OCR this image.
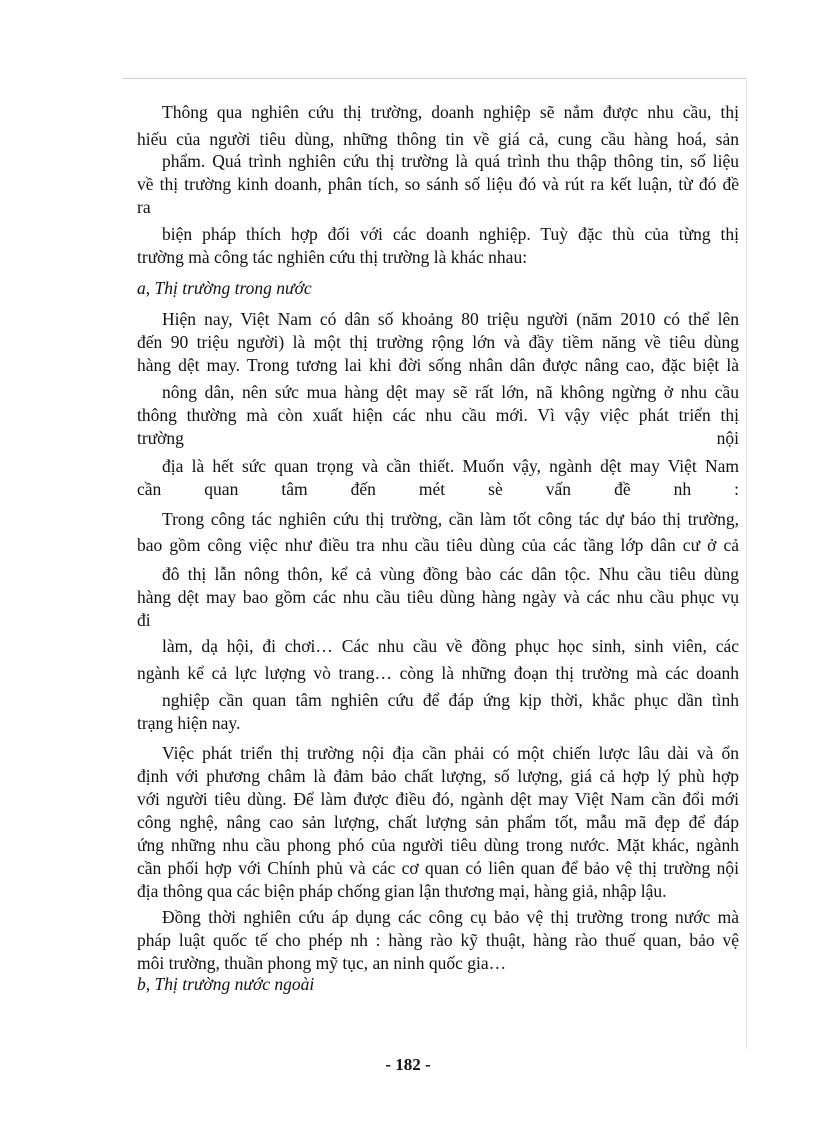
Thông qua nghiên cứu thị trường, doanh nghiệp sẽ nắm được nhu cầu, thị
hiếu của người tiêu dùng, những thông tin về giá cả, cung cầu hàng hoá, sản
phẩm. Quá trình nghiên cứu thị trường là quá trình thu thập thông tin, số liệu
về thị trường kinh doanh, phân tích, so sánh số liệu đó và rút ra kết luận, từ đó đề
ra
biện pháp thích hợp đối với các doanh nghiệp. Tuỳ đặc thù của từng thị
trường mà công tác nghiên cứu thị trường là khác nhau:
a, Thị trường trong nước
Hiện nay, Việt Nam có dân số khoảng 80 triệu người (năm 2010 có thể lên
đến 90 triệu người) là một thị trường rộng lớn và đầy tiềm năng về tiêu dùng
hàng dệt may. Trong tương lai khi đời sống nhân dân được nâng cao, đặc biệt là
nông dân, nên sức mua hàng dệt may sẽ rất lớn, nã không ngừng ở nhu cầu
thông thường mà còn xuất hiện các nhu cầu mới. Vì vậy việc phát triển thị
trường nội
địa là hết sức quan trọng và cần thiết. Muốn vậy, ngành dệt may Việt Nam
cần quan tâm đến mét sè vấn đề nh :
Trong công tác nghiên cứu thị trường, cần làm tốt công tác dự báo thị trường,
bao gồm công việc như điều tra nhu cầu tiêu dùng của các tầng lớp dân cư ở cả
đô thị lẫn nông thôn, kể cả vùng đồng bào các dân tộc. Nhu cầu tiêu dùng
hàng dệt may bao gồm các nhu cầu tiêu dùng hàng ngày và các nhu cầu phục vụ
đi
làm, dạ hội, đi chơi… Các nhu cầu về đồng phục học sinh, sinh viên, các
ngành kể cả lực lượng vò trang… còng là những đoạn thị trường mà các doanh
nghiệp cần quan tâm nghiên cứu để đáp ứng kịp thời, khắc phục dần tình
trạng hiện nay.
Việc phát triển thị trường nội địa cần phải có một chiến lược lâu dài và ổn
định với phương châm là đảm bảo chất lượng, số lượng, giá cả hợp lý phù hợp
với người tiêu dùng. Để làm được điều đó, ngành dệt may Việt Nam cần đổi mới
công nghệ, nâng cao sản lượng, chất lượng sản phẩm tốt, mẫu mã đẹp để đáp
ứng những nhu cầu phong phó của người tiêu dùng trong nước. Mặt khác, ngành
cần phối hợp với Chính phủ và các cơ quan có liên quan để bảo vệ thị trường nội
địa thông qua các biện pháp chống gian lận thương mại, hàng giả, nhập lậu.
Đồng thời nghiên cứu áp dụng các công cụ bảo vệ thị trường trong nước mà
pháp luật quốc tế cho phép nh : hàng rào kỹ thuật, hàng rào thuế quan, bảo vệ
môi trường, thuần phong mỹ tục, an ninh quốc gia…
b, Thị trường nước ngoài
- 182 -
